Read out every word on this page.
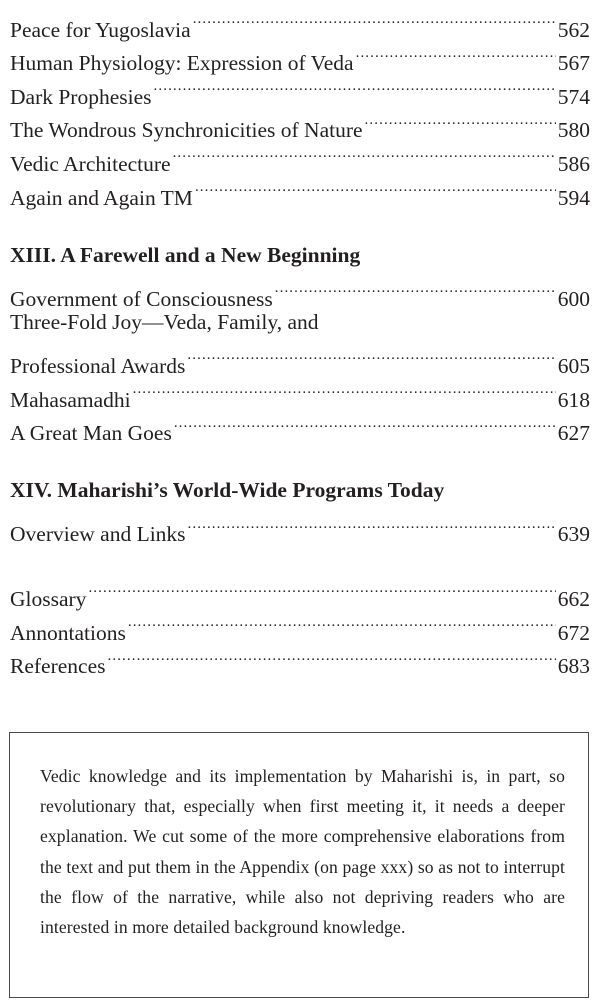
Peace for Yugoslavia .....	562
Human Physiology: Expression of Veda .....	567
Dark Prophesies .....	574
The Wondrous Synchronicities of Nature .....	580
Vedic Architecture .....	586
Again and Again TM .....	594
XIII. A Farewell and a New Beginning
Government of Consciousness .....	600
Three-Fold Joy—Veda, Family, and
Professional Awards .....	605
Mahasamadhi .....	618
A Great Man Goes .....	627
XIV. Maharishi’s World-Wide Programs Today
Overview and Links .....	639
Glossary .....	662
Annontations .....	672
References .....	683
Vedic knowledge and its implementation by Maharishi is, in part, so revolutionary that, especially when first meeting it, it needs a deeper explanation. We cut some of the more comprehensive elaborations from the text and put them in the Appendix (on page xxx) so as not to interrupt the flow of the narrative, while also not depriving readers who are interested in more detailed background knowledge.
